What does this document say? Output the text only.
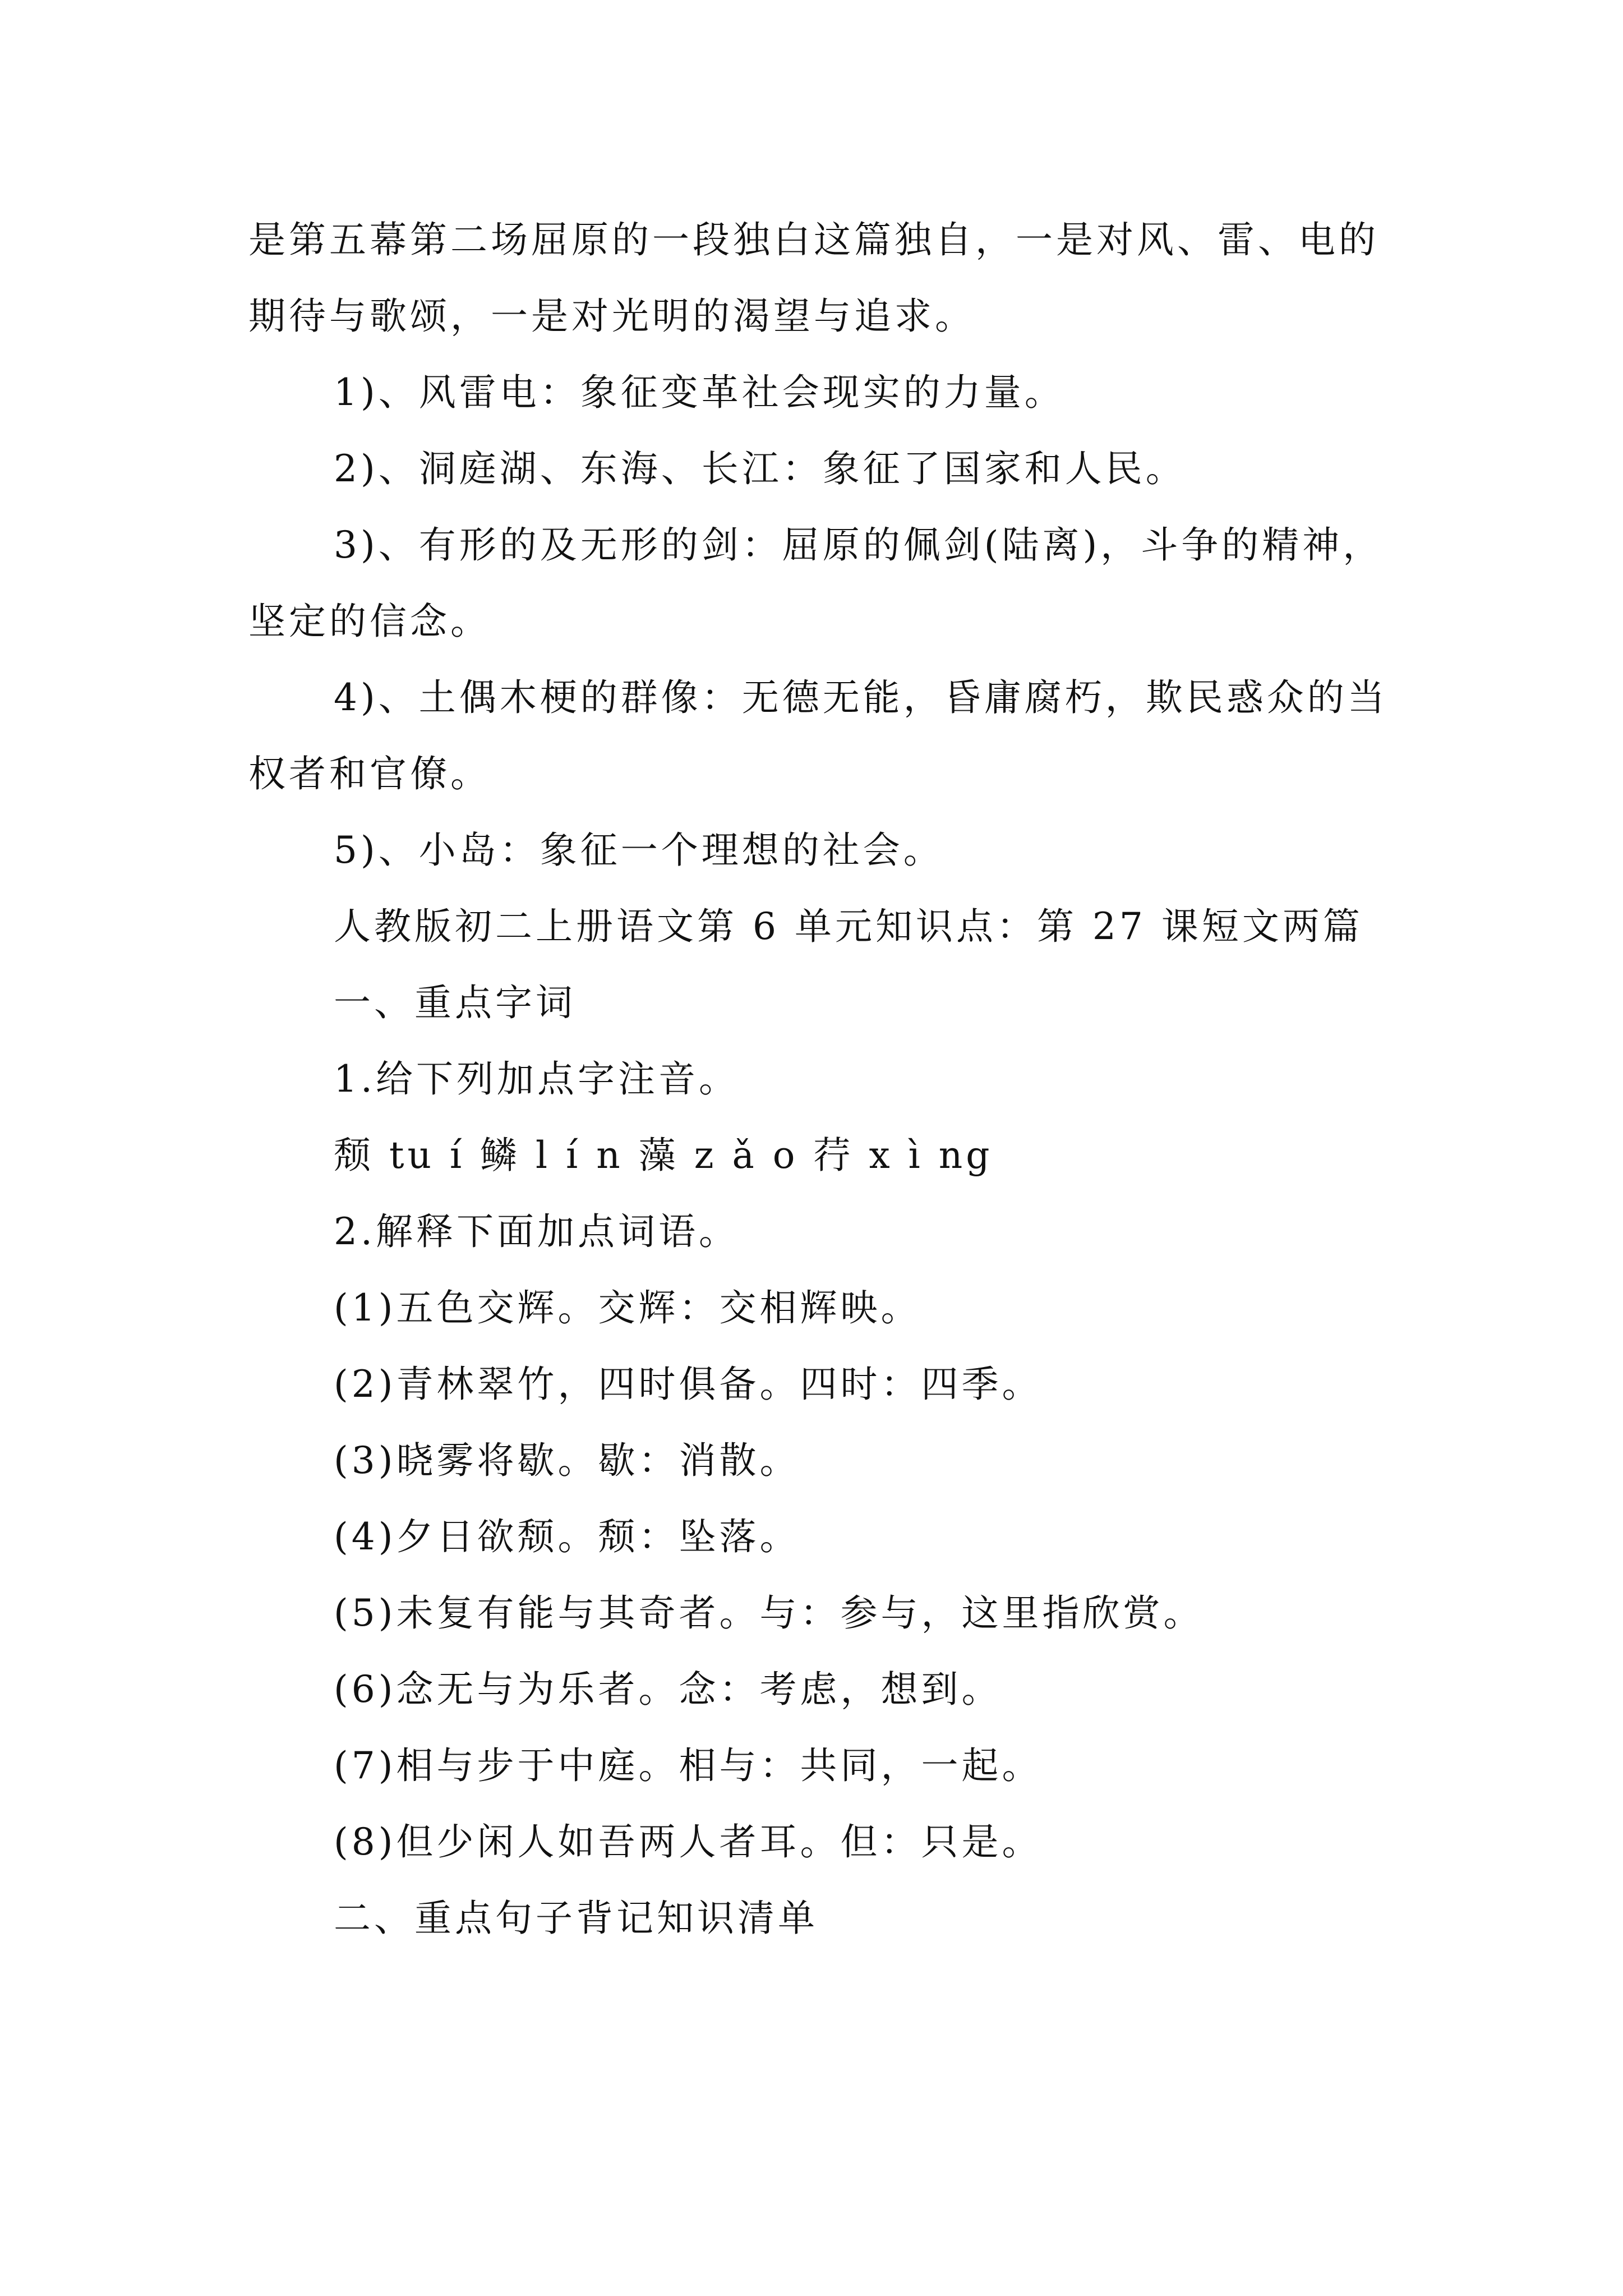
是第五幕第二场屈原的一段独白这篇独自，一是对风、雷、电的期待与歌颂，一是对光明的渴望与追求。

1)、风雷电：象征变革社会现实的力量。

2)、洞庭湖、东海、长江：象征了国家和人民。

3)、有形的及无形的剑：屈原的佩剑(陆离)，斗争的精神，坚定的信念。

4)、土偶木梗的群像：无德无能，昏庸腐朽，欺民惑众的当权者和官僚。

5)、小岛：象征一个理想的社会。

人教版初二上册语文第 6 单元知识点：第 27 课短文两篇

一、重点字词

1.给下列加点字注音。

颓 tu í 鳞 l í n 藻 z ǎ o 荇 x ì ng

2.解释下面加点词语。

(1)五色交辉。交辉：交相辉映。

(2)青林翠竹，四时俱备。四时：四季。

(3)晓雾将歇。歇：消散。

(4)夕日欲颓。颓：坠落。

(5)未复有能与其奇者。与：参与，这里指欣赏。

(6)念无与为乐者。念：考虑，想到。

(7)相与步于中庭。相与：共同，一起。

(8)但少闲人如吾两人者耳。但：只是。

二、重点句子背记知识清单
